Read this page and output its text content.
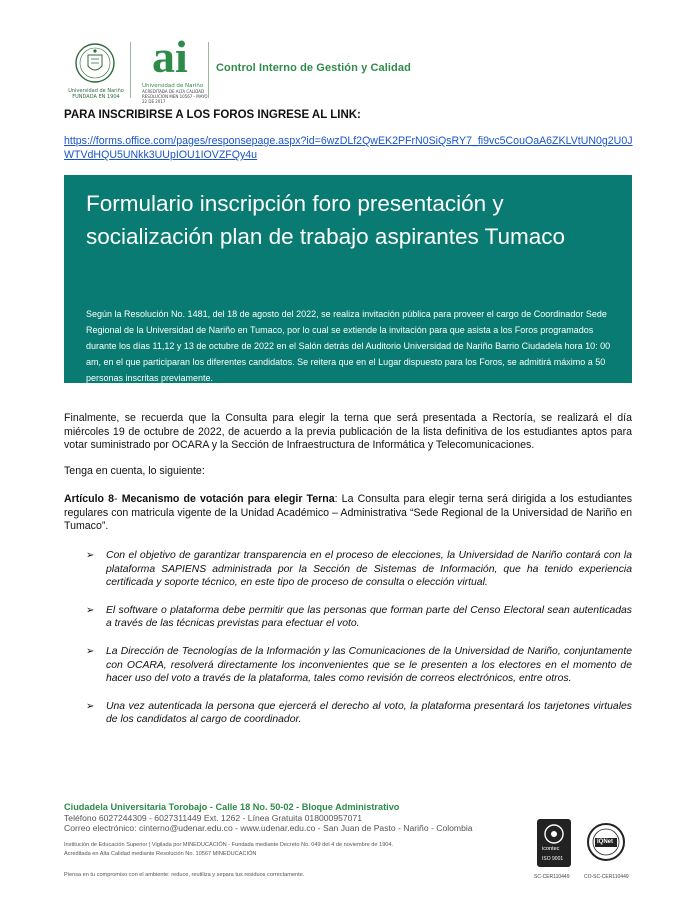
Universidad de Nariño
FUNDADA EN 1904
ai
Universidad de Nariño
ACREDITADA DE ALTA CALIDAD
RESOLUCIÓN MEN 10567 - MAYO 22 DE 2017
Control Interno de Gestión y Calidad
PARA INSCRIBIRSE A LOS FOROS INGRESE AL LINK:
https://forms.office.com/pages/responsepage.aspx?id=6wzDLf2QwEK2PFrN0SiQsRY7_fi9vc5CouOaA6ZKLVtUN0g2U0JWTVdHQU5UNkk3UUpIOU1IOVZFQy4u
Formulario inscripción foro presentación y socialización plan de trabajo aspirantes Tumaco
Según la Resolución No. 1481, del 18 de agosto del 2022, se realiza invitación pública para proveer el cargo de Coordinador Sede Regional de la Universidad de Nariño en Tumaco, por lo cual se extiende la invitación para que asista a los Foros programados durante los días 11,12 y 13 de octubre de 2022 en el Salón detrás del Auditorio Universidad de Nariño Barrio Ciudadela hora 10: 00 am, en el que participaran los diferentes candidatos. Se reitera que en el Lugar dispuesto para los Foros, se admitirá máximo a 50 personas inscritas previamente.
Finalmente, se recuerda que la Consulta para elegir la terna que será presentada a Rectoría, se realizará el día miércoles 19 de octubre de 2022, de acuerdo a la previa publicación de la lista definitiva de los estudiantes aptos para votar suministrado por OCARA y la Sección de Infraestructura de Informática y Telecomunicaciones.
Tenga en cuenta, lo siguiente:
Artículo 8- Mecanismo de votación para elegir Terna: La Consulta para elegir terna será dirigida a los estudiantes regulares con matricula vigente de la Unidad Académico – Administrativa “Sede Regional de la Universidad de Nariño en Tumaco”.
➢ Con el objetivo de garantizar transparencia en el proceso de elecciones, la Universidad de Nariño contará con la plataforma SAPIENS administrada por la Sección de Sistemas de Información, que ha tenido experiencia certificada y soporte técnico, en este tipo de proceso de consulta o elección virtual.
➢ El software o plataforma debe permitir que las personas que forman parte del Censo Electoral sean autenticadas a través de las técnicas previstas para efectuar el voto.
➢ La Dirección de Tecnologías de la Información y las Comunicaciones de la Universidad de Nariño, conjuntamente con OCARA, resolverá directamente los inconvenientes que se le presenten a los electores en el momento de hacer uso del voto a través de la plataforma, tales como revisión de correos electrónicos, entre otros.
➢ Una vez autenticada la persona que ejercerá el derecho al voto, la plataforma presentará los tarjetones virtuales de los candidatos al cargo de coordinador.
Ciudadela Universitaria Torobajo - Calle 18 No. 50-02 - Bloque Administrativo
Teléfono 6027244309 - 6027311449 Ext. 1262 - Línea Gratuita 018000957071
Correo electrónico: cinterno@udenar.edu.co - www.udenar.edu.co - San Juan de Pasto - Nariño - Colombia
Institución de Educación Superior | Vigilada por MINEDUCACIÓN - Fundada mediante Decreto No. 049 del 4 de noviembre de 1904.
Acreditada en Alta Calidad mediante Resolución No. 10567 MINEDUCACIÓN
Piensa en tu compromiso con el ambiente: reduce, reutiliza y separa tus residuos correctamente.
icontec
ISO 9001
SC-CER110449
IQNet
CO-SC-CER110449
